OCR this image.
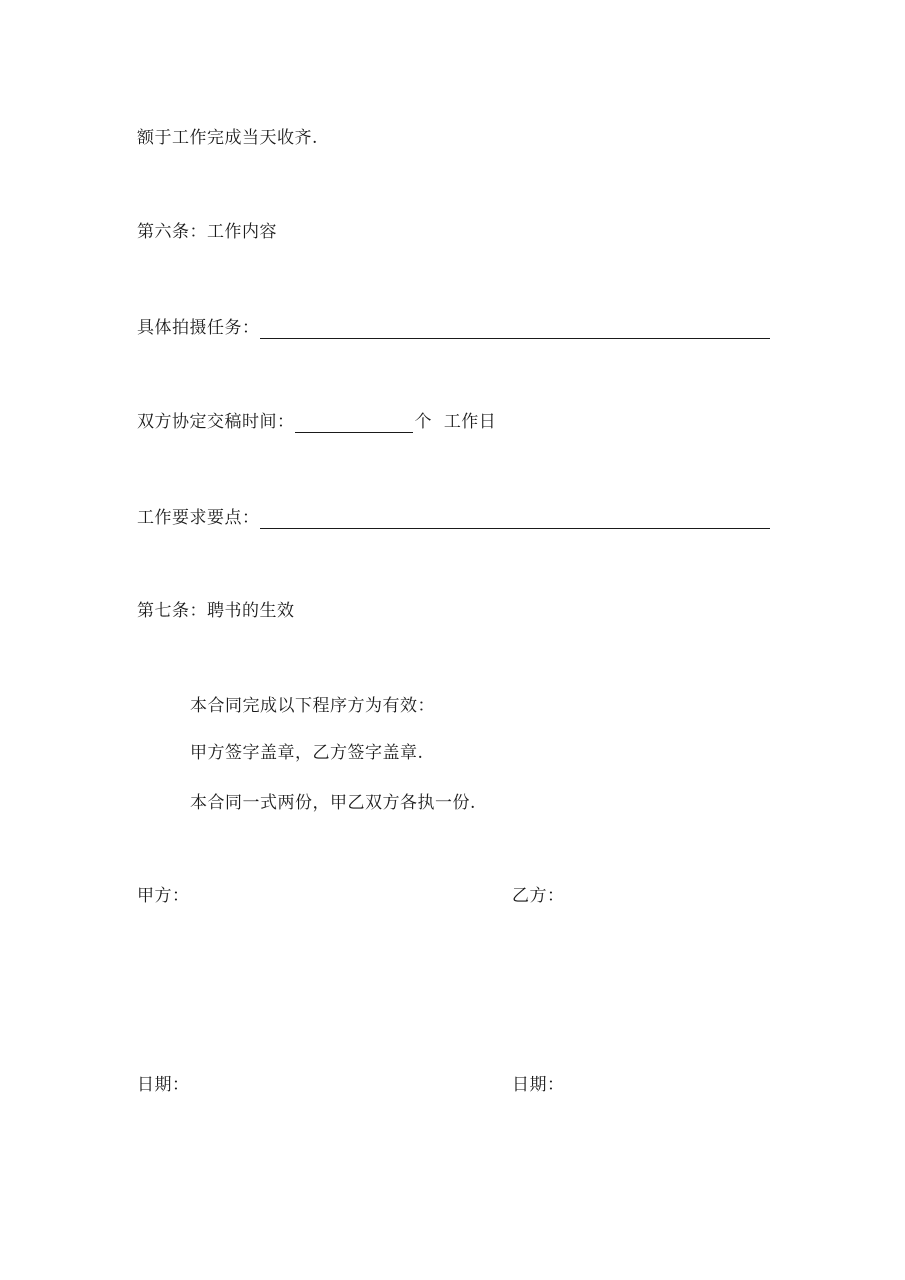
额于工作完成当天收齐.
第六条：工作内容
具体拍摄任务：
双方协定交稿时间：	个 工作日
工作要求要点：
第七条：聘书的生效
本合同完成以下程序方为有效：
甲方签字盖章，乙方签字盖章.
本合同一式两份，甲乙双方各执一份.
甲方：	乙方：
日期：	日期：
